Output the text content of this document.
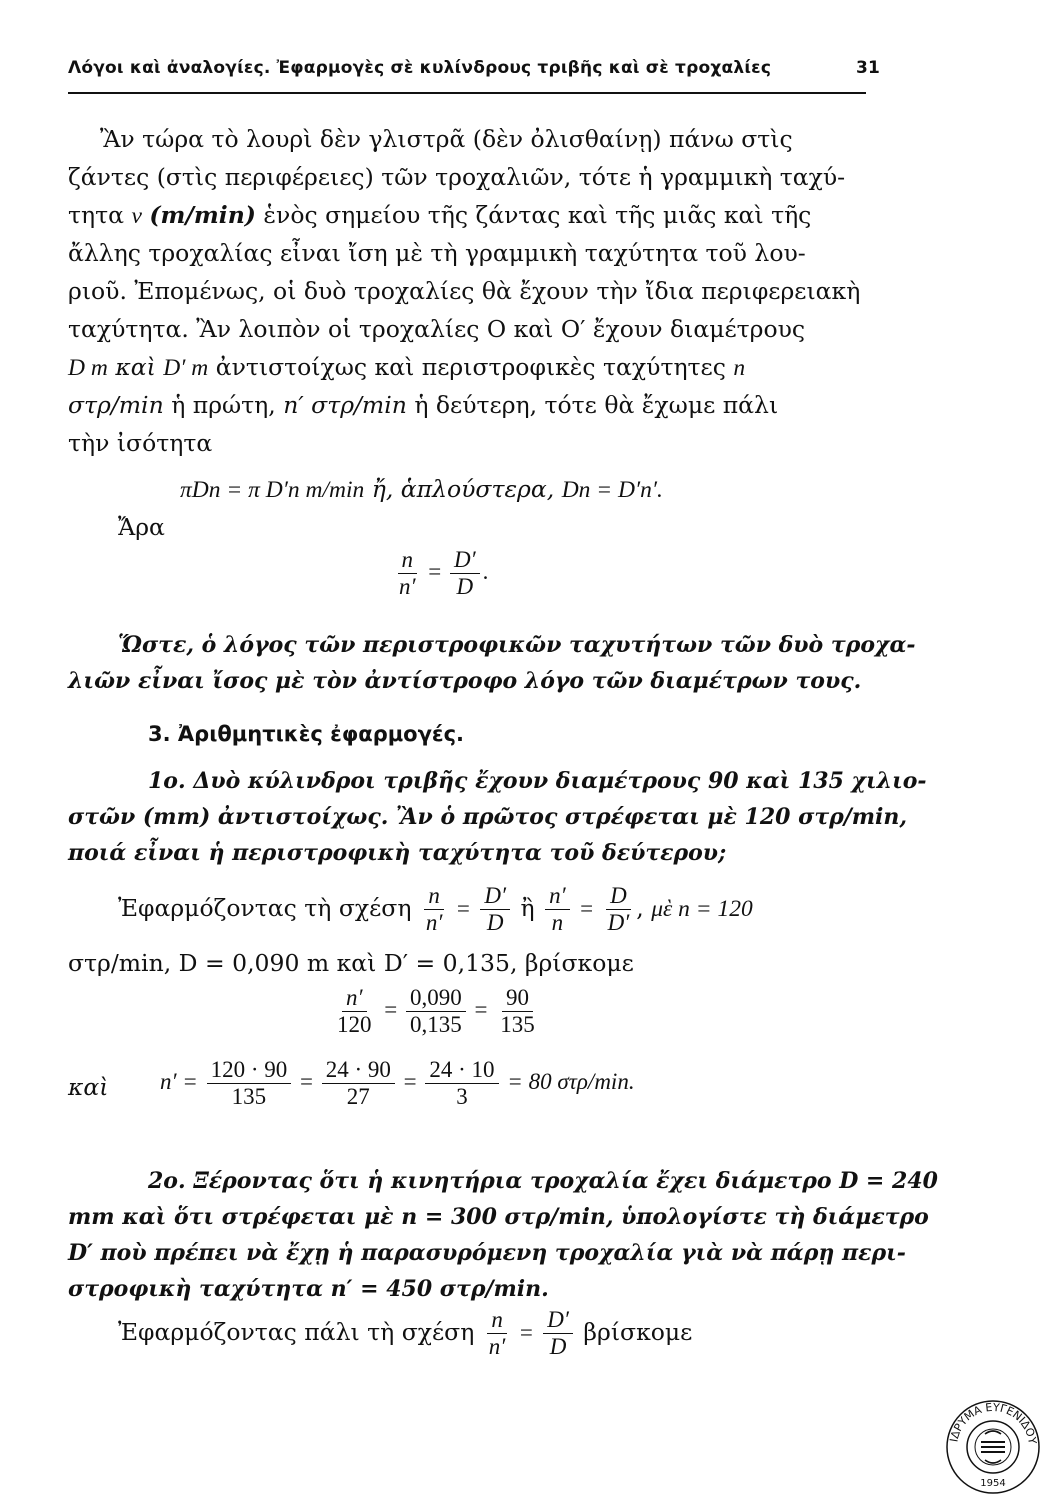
Λόγοι καὶ ἀναλογίες. Ἐφαρμογὲς σὲ κυλίνδρους τριβῆς καὶ σὲ τροχαλίες	31
Ἂν τώρα τὸ λουρὶ δὲν γλιστρᾶ (δὲν ὀλισθαίνῃ) πάνω στὶς
ζάντες (στὶς περιφέρειες) τῶν τροχαλιῶν, τότε ἡ γραμμικὴ ταχύ-
τητα v (m/min) ἑνὸς σημείου τῆς ζάντας καὶ τῆς μιᾶς καὶ τῆς
ἄλλης τροχαλίας εἶναι ἴση μὲ τὴ γραμμικὴ ταχύτητα τοῦ λου-
ριοῦ. Ἐπομένως, οἱ δυὸ τροχαλίες θὰ ἔχουν τὴν ἴδια περιφερειακὴ
ταχύτητα. Ἂν λοιπὸν οἱ τροχαλίες O καὶ O′ ἔχουν διαμέτρους
D m καὶ D′ m ἀντιστοίχως καὶ περιστροφικὲς ταχύτητες n
στρ/min ἡ πρώτη, n′ στρ/min ἡ δεύτερη, τότε θὰ ἔχωμε πάλι
τὴν ἰσότητα
πDn = π D′n m/min ἤ, ἁπλούστερα, Dn = D′n′.
Ἄρα
$\frac{n}{n'} = \frac{D'}{D}$ .
Ὥστε, ὁ λόγος τῶν περιστροφικῶν ταχυτήτων τῶν δυὸ τροχα-
λιῶν εἶναι ἴσος μὲ τὸν ἀντίστροφο λόγο τῶν διαμέτρων τους.
3. Ἀριθμητικὲς ἐφαρμογές.
1ο. Δυὸ κύλινδροι τριβῆς ἔχουν διαμέτρους 90 καὶ 135 χιλιο-
στῶν (mm) ἀντιστοίχως. Ἂν ὁ πρῶτος στρέφεται μὲ 120 στρ/min,
ποιά εἶναι ἡ περιστροφικὴ ταχύτητα τοῦ δεύτερου;
Ἐφαρμόζοντας τὴ σχέση $\frac{n}{n'} = \frac{D'}{D}$ ἢ $\frac{n'}{n} = \frac{D}{D'}$ , μὲ n = 120
στρ/min, D = 0,090 m καὶ D′ = 0,135, βρίσκομε
$\frac{n'}{120} = \frac{0,090}{0,135} = \frac{90}{135}$
καὶ $n' = \frac{120 \cdot 90}{135} = \frac{24 \cdot 90}{27} = \frac{24 \cdot 10}{3} = 80$ στρ/min.
2ο. Ξέροντας ὅτι ἡ κινητήρια τροχαλία ἔχει διάμετρο D = 240
mm καὶ ὅτι στρέφεται μὲ n = 300 στρ/min, ὑπολογίστε τὴ διάμετρο
D′ ποὺ πρέπει νὰ ἔχῃ ἡ παρασυρόμενη τροχαλία γιὰ νὰ πάρῃ περι-
στροφικὴ ταχύτητα n′ = 450 στρ/min.
Ἐφαρμόζοντας πάλι τὴ σχέση $\frac{n}{n'} = \frac{D'}{D}$ βρίσκομε
ΙΔΡΥΜΑ ΕΥΓΕΝΙΔΟΥ
1954
